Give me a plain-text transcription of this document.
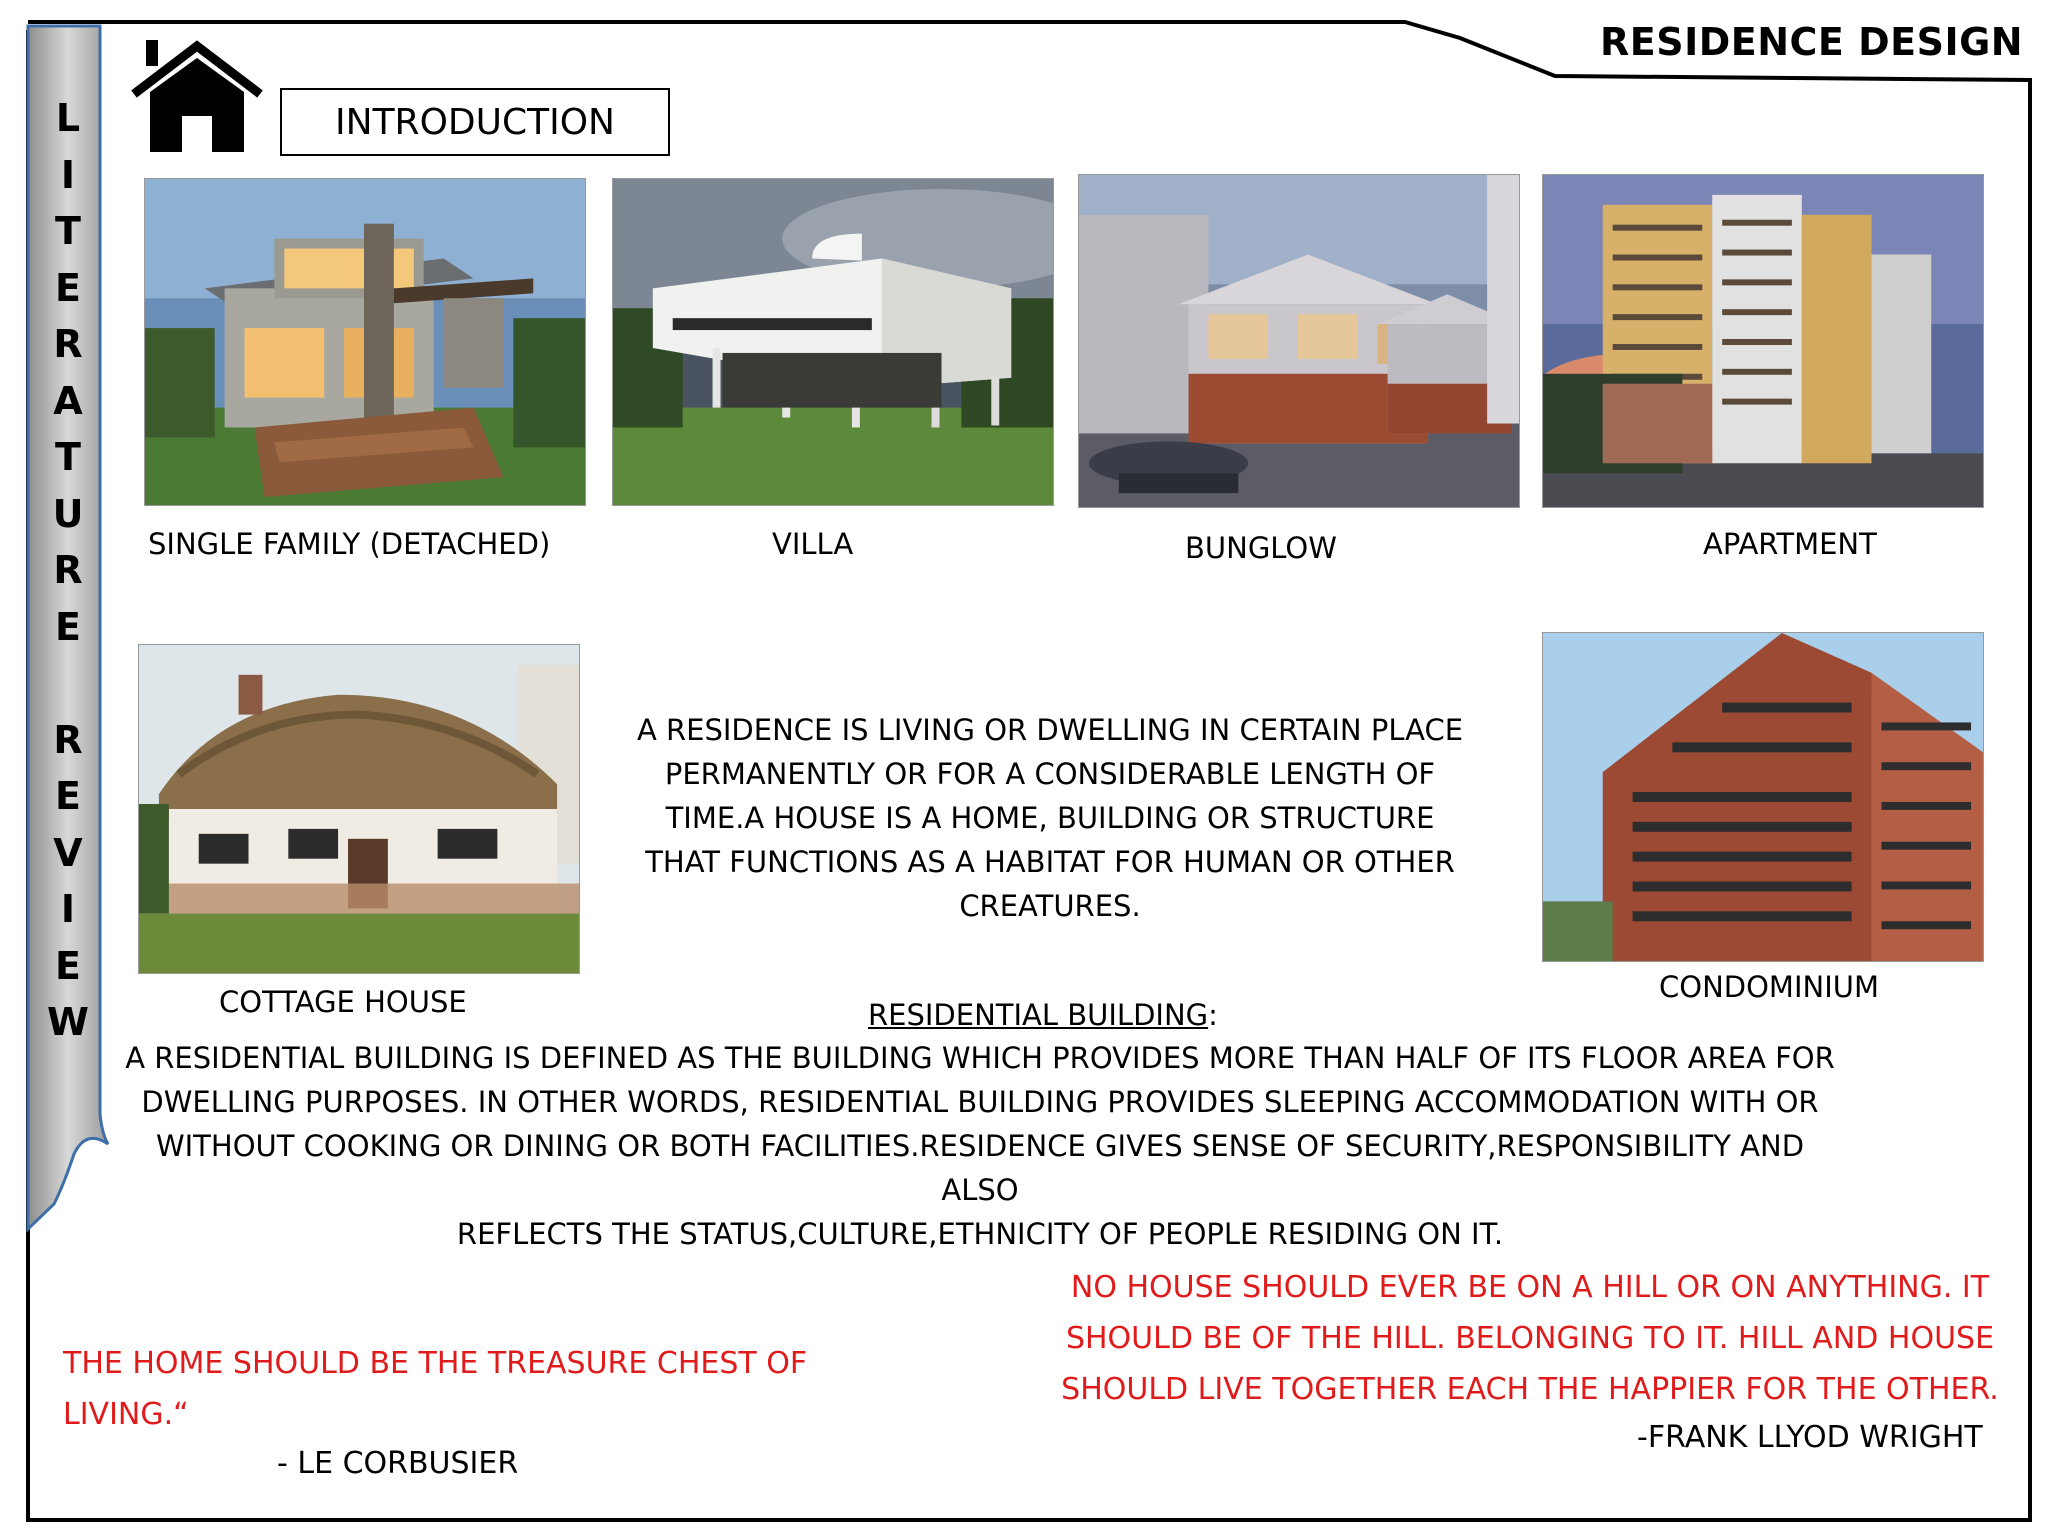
L
I
T
E
R
A
T
U
R
E
R
E
V
I
E
W
RESIDENCE DESIGN
INTRODUCTION
SINGLE FAMILY (DETACHED)	VILLA	BUNGLOW	APARTMENT
COTTAGE HOUSE	CONDOMINIUM
A RESIDENCE IS LIVING OR DWELLING IN CERTAIN PLACE
PERMANENTLY OR FOR A CONSIDERABLE LENGTH OF
TIME.A HOUSE IS A HOME, BUILDING OR STRUCTURE
THAT FUNCTIONS AS A HABITAT FOR HUMAN OR OTHER
CREATURES.
RESIDENTIAL BUILDING:
A RESIDENTIAL BUILDING IS DEFINED AS THE BUILDING WHICH PROVIDES MORE THAN HALF OF ITS FLOOR AREA FOR
DWELLING PURPOSES. IN OTHER WORDS, RESIDENTIAL BUILDING PROVIDES SLEEPING ACCOMMODATION WITH OR
WITHOUT COOKING OR DINING OR BOTH FACILITIES.RESIDENCE GIVES SENSE OF SECURITY,RESPONSIBILITY AND ALSO
REFLECTS THE STATUS,CULTURE,ETHNICITY OF PEOPLE RESIDING ON IT.
THE HOME SHOULD BE THE TREASURE CHEST OF
LIVING.“
- LE CORBUSIER
NO HOUSE SHOULD EVER BE ON A HILL OR ON ANYTHING. IT
SHOULD BE OF THE HILL. BELONGING TO IT. HILL AND HOUSE
SHOULD LIVE TOGETHER EACH THE HAPPIER FOR THE OTHER.
-FRANK LLYOD WRIGHT
